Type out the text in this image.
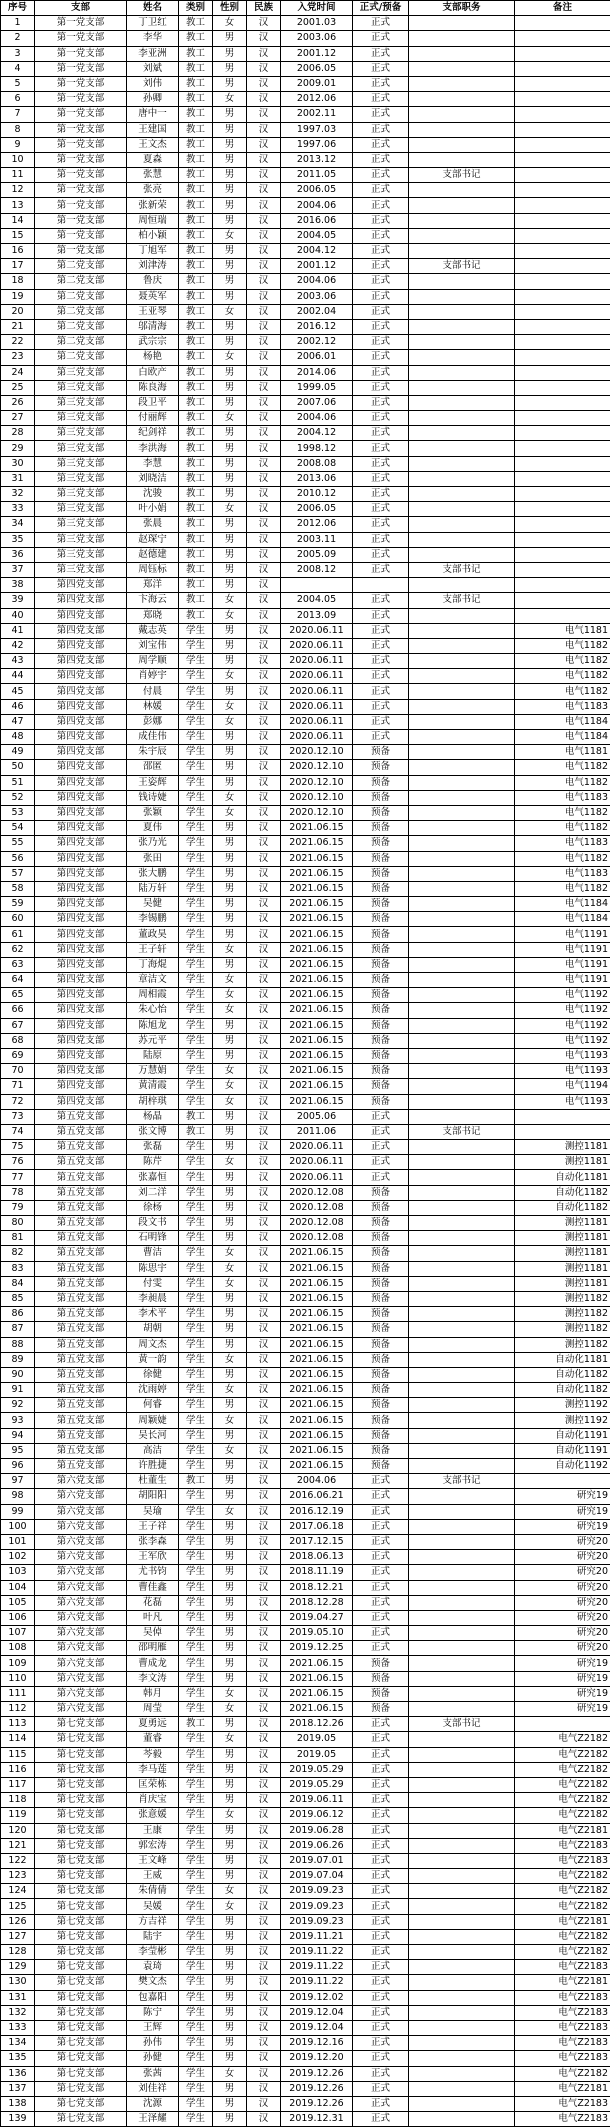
序号	支部	姓名	类别	性别	民族	入党时间	正式/预备	支部职务	备注
1	第一党支部	丁卫红	教工	女	汉	2001.03	正式		
2	第一党支部	李华	教工	男	汉	2003.06	正式		
3	第一党支部	李亚洲	教工	男	汉	2001.12	正式		
4	第一党支部	刘斌	教工	男	汉	2006.05	正式		
5	第一党支部	刘伟	教工	男	汉	2009.01	正式		
6	第一党支部	孙卿	教工	女	汉	2012.06	正式		
7	第一党支部	唐中一	教工	男	汉	2002.11	正式		
8	第一党支部	王建国	教工	男	汉	1997.03	正式		
9	第一党支部	王文杰	教工	男	汉	1997.06	正式		
10	第一党支部	夏森	教工	男	汉	2013.12	正式		
11	第一党支部	张慧	教工	男	汉	2011.05	正式	支部书记	
12	第一党支部	张亮	教工	男	汉	2006.05	正式		
13	第一党支部	张新荣	教工	男	汉	2004.06	正式		
14	第一党支部	周恒瑞	教工	男	汉	2016.06	正式		
15	第一党支部	柏小颖	教工	女	汉	2004.05	正式		
16	第一党支部	丁旭军	教工	男	汉	2004.12	正式		
17	第二党支部	刘津涛	教工	男	汉	2001.12	正式	支部书记	
18	第二党支部	鲁庆	教工	男	汉	2004.06	正式		
19	第二党支部	聂英军	教工	男	汉	2003.06	正式		
20	第二党支部	王亚琴	教工	女	汉	2002.04	正式		
21	第二党支部	邬清海	教工	男	汉	2016.12	正式		
22	第二党支部	武宗宗	教工	男	汉	2002.12	正式		
23	第二党支部	杨艳	教工	女	汉	2006.01	正式		
24	第三党支部	白欧产	教工	男	汉	2014.06	正式		
25	第三党支部	陈良海	教工	男	汉	1999.05	正式		
26	第三党支部	段卫平	教工	男	汉	2007.06	正式		
27	第三党支部	付丽辉	教工	女	汉	2004.06	正式		
28	第三党支部	纪剑祥	教工	男	汉	2004.12	正式		
29	第三党支部	李洪海	教工	男	汉	1998.12	正式		
30	第三党支部	李慧	教工	男	汉	2008.08	正式		
31	第三党支部	刘晓洁	教工	男	汉	2013.06	正式		
32	第三党支部	沈骏	教工	男	汉	2010.12	正式		
33	第三党支部	叶小娟	教工	女	汉	2006.05	正式		
34	第三党支部	张晨	教工	男	汉	2012.06	正式		
35	第三党支部	赵琛宁	教工	男	汉	2003.11	正式		
36	第三党支部	赵德建	教工	男	汉	2005.09	正式		
37	第三党支部	周钰标	教工	男	汉	2008.12	正式	支部书记	
38	第四党支部	郑洋	教工	男	汉				
39	第四党支部	卞海云	教工	女	汉	2004.05	正式	支部书记	
40	第四党支部	郑晓	教工	女	汉	2013.09	正式		
41	第四党支部	戴志英	学生	男	汉	2020.06.11	正式		电气1181
42	第四党支部	刘宝伟	学生	男	汉	2020.06.11	正式		电气1182
43	第四党支部	周学顺	学生	男	汉	2020.06.11	正式		电气1182
44	第四党支部	肖婷宇	学生	女	汉	2020.06.11	正式		电气1182
45	第四党支部	付晨	学生	男	汉	2020.06.11	正式		电气1182
46	第四党支部	林媛	学生	女	汉	2020.06.11	正式		电气1183
47	第四党支部	彭娜	学生	女	汉	2020.06.11	正式		电气1184
48	第四党支部	成佳伟	学生	男	汉	2020.06.11	正式		电气1184
49	第四党支部	朱宇辰	学生	男	汉	2020.12.10	预备		电气1181
50	第四党支部	邵匿	学生	男	汉	2020.12.10	预备		电气1182
51	第四党支部	王姿辉	学生	男	汉	2020.12.10	预备		电气1182
52	第四党支部	钱诗婕	学生	女	汉	2020.12.10	预备		电气1183
53	第四党支部	张颖	学生	女	汉	2020.12.10	预备		电气1182
54	第四党支部	夏伟	学生	男	汉	2021.06.15	预备		电气1182
55	第四党支部	张乃光	学生	男	汉	2021.06.15	预备		电气1183
56	第四党支部	张田	学生	男	汉	2021.06.15	预备		电气1182
57	第四党支部	张大鹏	学生	男	汉	2021.06.15	预备		电气1183
58	第四党支部	陆万轩	学生	男	汉	2021.06.15	预备		电气1182
59	第四党支部	吴健	学生	男	汉	2021.06.15	预备		电气1184
60	第四党支部	李锡鹏	学生	男	汉	2021.06.15	预备		电气1184
61	第四党支部	董政昊	学生	男	汉	2021.06.15	预备		电气1191
62	第四党支部	王子轩	学生	女	汉	2021.06.15	预备		电气1191
63	第四党支部	丁海焜	学生	男	汉	2021.06.15	预备		电气1191
64	第四党支部	章洁文	学生	女	汉	2021.06.15	预备		电气1191
65	第四党支部	周相霞	学生	女	汉	2021.06.15	预备		电气1192
66	第四党支部	朱心怡	学生	女	汉	2021.06.15	预备		电气1192
67	第四党支部	陈旭龙	学生	男	汉	2021.06.15	预备		电气1192
68	第四党支部	苏元平	学生	男	汉	2021.06.15	预备		电气1192
69	第四党支部	陆原	学生	男	汉	2021.06.15	预备		电气1193
70	第四党支部	万慧娟	学生	女	汉	2021.06.15	预备		电气1193
71	第四党支部	黄清霞	学生	女	汉	2021.06.15	预备		电气1194
72	第四党支部	胡梓琪	学生	女	汉	2021.06.15	预备		电气1193
73	第五党支部	杨晶	教工	男	汉	2005.06	正式		
74	第五党支部	张文博	教工	男	汉	2011.06	正式	支部书记	
75	第五党支部	张磊	学生	男	汉	2020.06.11	正式		测控1181
76	第五党支部	陈芹	学生	女	汉	2020.06.11	正式		测控1181
77	第五党支部	张嘉恒	学生	男	汉	2020.06.11	正式		自动化1181
78	第五党支部	刘二洋	学生	男	汉	2020.12.08	预备		自动化1182
79	第五党支部	徐杨	学生	男	汉	2020.12.08	预备		自动化1182
80	第五党支部	段文书	学生	男	汉	2020.12.08	预备		测控1181
81	第五党支部	石明锋	学生	男	汉	2020.12.08	预备		测控1181
82	第五党支部	曹洁	学生	女	汉	2021.06.15	预备		测控1181
83	第五党支部	陈思宇	学生	女	汉	2021.06.15	预备		测控1181
84	第五党支部	付雯	学生	女	汉	2021.06.15	预备		测控1181
85	第五党支部	李昶晨	学生	男	汉	2021.06.15	预备		测控1182
86	第五党支部	李术平	学生	男	汉	2021.06.15	预备		测控1182
87	第五党支部	胡朝	学生	男	汉	2021.06.15	预备		测控1182
88	第五党支部	周文杰	学生	男	汉	2021.06.15	预备		测控1182
89	第五党支部	黄一韵	学生	女	汉	2021.06.15	预备		自动化1181
90	第五党支部	徐健	学生	男	汉	2021.06.15	预备		自动化1182
91	第五党支部	沈雨婷	学生	女	汉	2021.06.15	预备		自动化1182
92	第五党支部	何睿	学生	男	汉	2021.06.15	预备		测控1192
93	第五党支部	周颖婕	学生	女	汉	2021.06.15	预备		测控1192
94	第五党支部	吴长河	学生	男	汉	2021.06.15	预备		自动化1191
95	第五党支部	高洁	学生	女	汉	2021.06.15	预备		自动化1191
96	第五党支部	许胜捷	学生	男	汉	2021.06.15	预备		自动化1192
97	第六党支部	杜董生	教工	男	汉	2004.06	正式	支部书记	
98	第六党支部	胡阳阳	学生	男	汉	2016.06.21	正式		研究19
99	第六党支部	吴瑜	学生	女	汉	2016.12.19	正式		研究19
100	第六党支部	王子祥	学生	男	汉	2017.06.18	正式		研究19
101	第六党支部	张李森	学生	男	汉	2017.12.15	正式		研究20
102	第六党支部	王军欣	学生	男	汉	2018.06.13	正式		研究20
103	第六党支部	尤书钧	学生	男	汉	2018.11.19	正式		研究20
104	第六党支部	曹佳鑫	学生	男	汉	2018.12.21	正式		研究20
105	第六党支部	花磊	学生	男	汉	2018.12.28	正式		研究20
106	第六党支部	叶凡	学生	男	汉	2019.04.27	正式		研究20
107	第六党支部	吴倬	学生	男	汉	2019.05.10	正式		研究20
108	第六党支部	邵明雁	学生	男	汉	2019.12.25	正式		研究20
109	第六党支部	曹成龙	学生	男	汉	2021.06.15	预备		研究19
110	第六党支部	李文涛	学生	男	汉	2021.06.15	预备		研究19
111	第六党支部	韩月	学生	女	汉	2021.06.15	预备		研究19
112	第六党支部	周莹	学生	女	汉	2021.06.15	预备		研究19
113	第七党支部	夏勇远	教工	男	汉	2018.12.26	正式	支部书记	
114	第七党支部	董睿	学生	女	汉	2019.05	正式		电气Z2182
115	第七党支部	芩毅	学生	男	汉	2019.05	正式		电气Z2182
116	第七党支部	李马莲	学生	男	汉	2019.05.29	正式		电气Z2182
117	第七党支部	匡荣栋	学生	男	汉	2019.05.29	正式		电气Z2182
118	第七党支部	肖庆宝	学生	男	汉	2019.06.11	正式		电气Z2182
119	第七党支部	张意媛	学生	女	汉	2019.06.12	正式		电气Z2182
120	第七党支部	王康	学生	男	汉	2019.06.28	正式		电气Z2181
121	第七党支部	郭宏涛	学生	男	汉	2019.06.26	正式		电气Z2183
122	第七党支部	王文峰	学生	男	汉	2019.07.01	正式		电气Z2183
123	第七党支部	王威	学生	男	汉	2019.07.04	正式		电气Z2182
124	第七党支部	朱倩倩	学生	女	汉	2019.09.23	正式		电气Z2182
125	第七党支部	吴媛	学生	女	汉	2019.09.23	正式		电气Z2182
126	第七党支部	方吉祥	学生	男	汉	2019.09.23	正式		电气Z2181
127	第七党支部	陆宇	学生	男	汉	2019.11.21	正式		电气Z2182
128	第七党支部	李莹彬	学生	男	汉	2019.11.22	正式		电气Z2182
129	第七党支部	袁琦	学生	男	汉	2019.11.22	正式		电气Z2183
130	第七党支部	樊文杰	学生	男	汉	2019.11.22	正式		电气Z2181
131	第七党支部	包嘉阳	学生	男	汉	2019.12.02	正式		电气Z2183
132	第七党支部	陈宁	学生	男	汉	2019.12.04	正式		电气Z2183
133	第七党支部	王辉	学生	男	汉	2019.12.04	正式		电气Z2183
134	第七党支部	孙伟	学生	男	汉	2019.12.16	正式		电气Z2183
135	第七党支部	孙健	学生	男	汉	2019.12.20	正式		电气Z2183
136	第七党支部	张茜	学生	女	汉	2019.12.26	正式		电气Z2182
137	第七党支部	刘佳祥	学生	男	汉	2019.12.26	正式		电气Z2181
138	第七党支部	沈源	学生	男	汉	2019.12.26	正式		电气Z2183
139	第七党支部	王泽耀	学生	男	汉	2019.12.31	正式		电气Z2183
